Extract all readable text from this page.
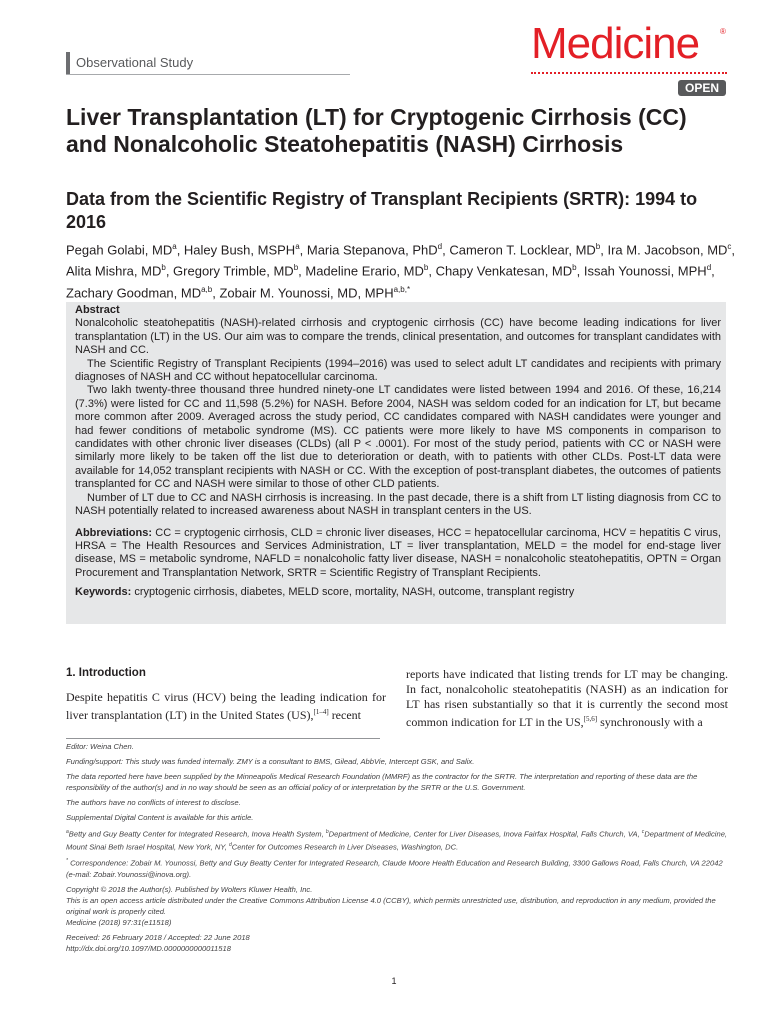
Observational Study	Medicine	®
OPEN
Liver Transplantation (LT) for Cryptogenic Cirrhosis (CC) and Nonalcoholic Steatohepatitis (NASH) Cirrhosis
Data from the Scientific Registry of Transplant Recipients (SRTR): 1994 to 2016
Pegah Golabi, $MD^a$, Haley Bush, MSPH$^a$, Maria Stepanova, PhD$^d$, Cameron T. Locklear, $MD^b$, Ira M. Jacobson, $MD^c$, Alita Mishra, $MD^b$, Gregory Trimble, $MD^b$, Madeline Erario, $MD^b$, Chapy Venkatesan, $MD^b$, Issah Younossi, MPH$^d$, Zachary Goodman, MD$^{a,b}$, Zobair M. Younossi, MD, $MPH^{a,b,*}$
Abstract

Nonalcoholic steatohepatitis (NASH)-related cirrhosis and cryptogenic cirrhosis (CC) have become leading indications for liver transplantation (LT) in the US. Our aim was to compare the trends, clinical presentation, and outcomes for transplant candidates with NASH and CC.

The Scientific Registry of Transplant Recipients (1994–2016) was used to select adult LT candidates and recipients with primary diagnoses of NASH and CC without hepatocellular carcinoma.

Two lakh twenty-three thousand three hundred ninety-one LT candidates were listed between 1994 and 2016. Of these, 16,214 (7.3%) were listed for CC and 11,598 (5.2%) for NASH. Before 2004, NASH was seldom coded for an indication for LT, but became more common after 2009. Averaged across the study period, CC candidates compared with NASH candidates were younger and had fewer conditions of metabolic syndrome (MS). CC patients were more likely to have MS components in comparison to candidates with other chronic liver diseases (CLDs) (all P < .0001). For most of the study period, patients with CC or NASH were similarly more likely to be taken off the list due to deterioration or death, with to patients with other CLDs. Post-LT data were available for 14,052 transplant recipients with NASH or CC. With the exception of post-transplant diabetes, the outcomes of patients transplanted for CC and NASH were similar to those of other CLD patients.

Number of LT due to CC and NASH cirrhosis is increasing. In the past decade, there is a shift from LT listing diagnosis from CC to NASH potentially related to increased awareness about NASH in transplant centers in the US.

Abbreviations: CC = cryptogenic cirrhosis, CLD = chronic liver diseases, HCC = hepatocellular carcinoma, HCV = hepatitis C virus, HRSA = The Health Resources and Services Administration, LT = liver transplantation, MELD = the model for end-stage liver disease, MS = metabolic syndrome, NAFLD = nonalcoholic fatty liver disease, NASH = nonalcoholic steatohepatitis, OPTN = Organ Procurement and Transplantation Network, SRTR = Scientific Registry of Transplant Recipients.

Keywords: cryptogenic cirrhosis, diabetes, MELD score, mortality, NASH, outcome, transplant registry

1. Introduction
Despite hepatitis C virus (HCV) being the leading indication for liver transplantation (LT) in the United States (US),[1–4] recent
reports have indicated that listing trends for LT may be changing. In fact, nonalcoholic steatohepatitis (NASH) as an indication for LT has risen substantially so that it is currently the second most common indication for LT in the US,[5,6] synchronously with a

Editor: Weina Chen.

Funding/support: This study was funded internally. ZMY is a consultant to BMS, Gilead, AbbVie, Intercept GSK, and Salix.

The data reported here have been supplied by the Minneapolis Medical Research Foundation (MMRF) as the contractor for the SRTR. The interpretation and reporting of these data are the responsibility of the author(s) and in no way should be seen as an official policy of or interpretation by the SRTR or the U.S. Government.

The authors have no conflicts of interest to disclose.

Supplemental Digital Content is available for this article.

$^a$Betty and Guy Beatty Center for Integrated Research, Inova Health System, $^b$Department of Medicine, Center for Liver Diseases, Inova Fairfax Hospital, Falls Church, VA, $^c$Department of Medicine, Mount Sinai Beth Israel Hospital, New York, NY, $^d$Center for Outcomes Research in Liver Diseases, Washington, DC.

* Correspondence: Zobair M. Younossi, Betty and Guy Beatty Center for Integrated Research, Claude Moore Health Education and Research Building, 3300 Gallows Road, Falls Church, VA 22042 (e-mail: Zobair.Younossi@inova.org).

Copyright © 2018 the Author(s). Published by Wolters Kluwer Health, Inc.
This is an open access article distributed under the Creative Commons Attribution License 4.0 (CCBY), which permits unrestricted use, distribution, and reproduction in any medium, provided the original work is properly cited.

Medicine (2018) 97:31(e11518)

Received: 26 February 2018 / Accepted: 22 June 2018

http://dx.doi.org/10.1097/MD.0000000000011518

1
